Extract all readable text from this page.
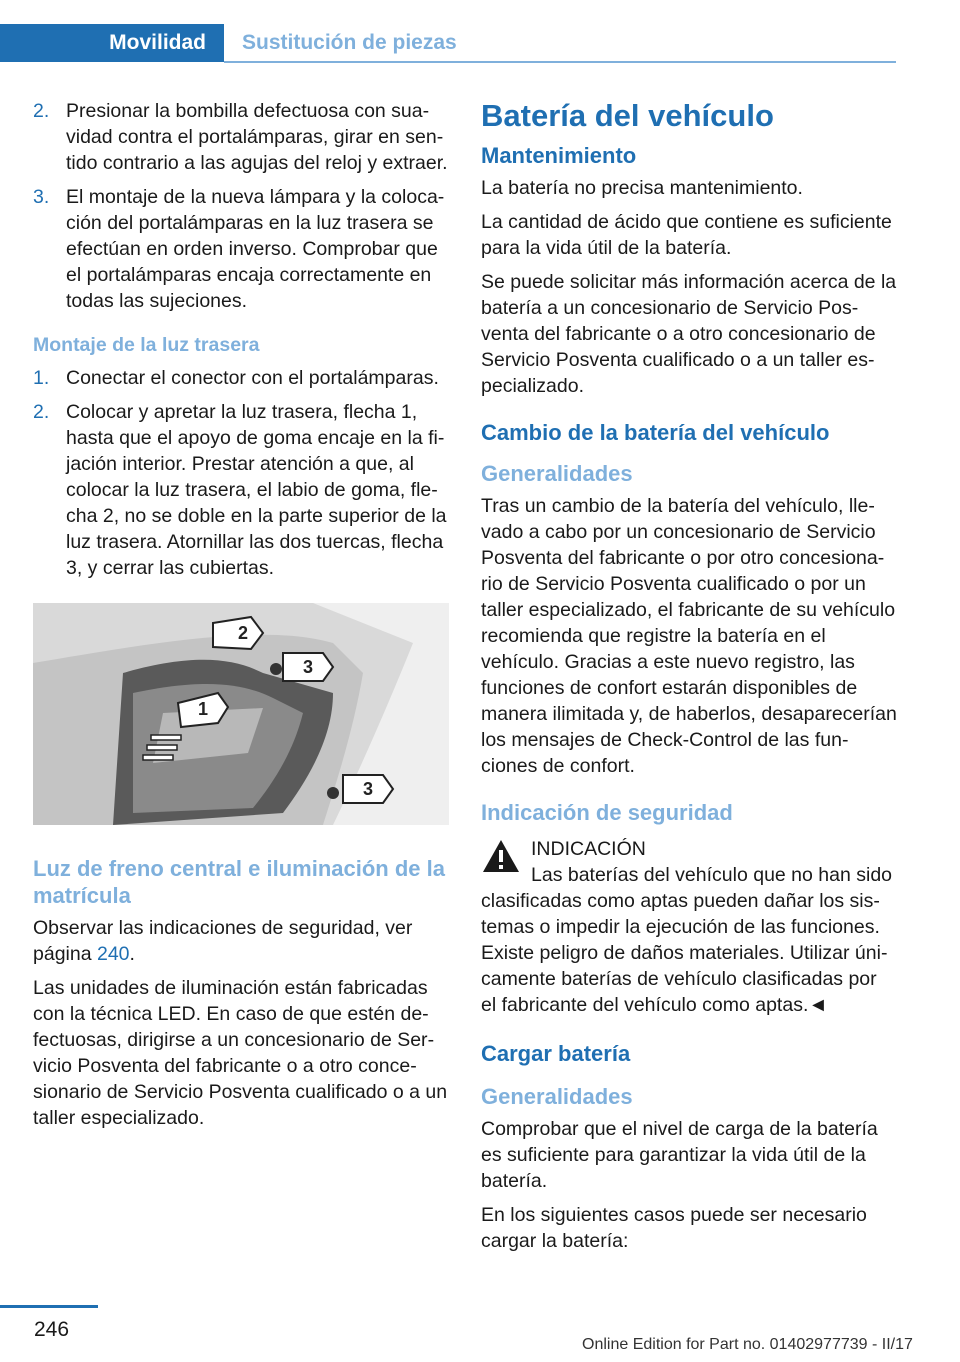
Movilidad	Sustitución de piezas
2. Presionar la bombilla defectuosa con suavidad contra el portalámparas, girar en sentido contrario a las agujas del reloj y extraer.
3. El montaje de la nueva lámpara y la colocación del portalámparas en la luz trasera se efectúan en orden inverso. Comprobar que el portalámparas encaja correctamente en todas las sujeciones.
Montaje de la luz trasera
1. Conectar el conector con el portalámparas.
2. Colocar y apretar la luz trasera, flecha 1, hasta que el apoyo de goma encaje en la fijación interior. Prestar atención a que, al colocar la luz trasera, el labio de goma, flecha 2, no se doble en la parte superior de la luz trasera. Atornillar las dos tuercas, flecha 3, y cerrar las cubiertas.
2
3
1
3
Luz de freno central e iluminación de la matrícula

Observar las indicaciones de seguridad, ver página 240.

Las unidades de iluminación están fabricadas con la técnica LED. En caso de que estén defectuosas, dirigirse a un concesionario de Servicio Posventa del fabricante o a otro concesionario de Servicio Posventa cualificado o a un taller especializado.

Batería del vehículo
Mantenimiento

La batería no precisa mantenimiento.

La cantidad de ácido que contiene es suficiente para la vida útil de la batería.

Se puede solicitar más información acerca de la batería a un concesionario de Servicio Posventa del fabricante o a otro concesionario de Servicio Posventa cualificado o a un taller especializado.

Cambio de la batería del vehículo
Generalidades

Tras un cambio de la batería del vehículo, llevado a cabo por un concesionario de Servicio Posventa del fabricante o por otro concesionario de Servicio Posventa cualificado o por un taller especializado, el fabricante de su vehículo recomienda que registre la batería en el vehículo. Gracias a este nuevo registro, las funciones de confort estarán disponibles de manera ilimitada y, de haberlos, desaparecerían los mensajes de Check-Control de las funciones de confort.

Indicación de seguridad

INDICACIÓN

Las baterías del vehículo que no han sido clasificadas como aptas pueden dañar los sistemas o impedir la ejecución de las funciones. Existe peligro de daños materiales. Utilizar únicamente baterías de vehículo clasificadas por el fabricante del vehículo como aptas.◄

Cargar batería
Generalidades

Comprobar que el nivel de carga de la batería es suficiente para garantizar la vida útil de la batería.

En los siguientes casos puede ser necesario cargar la batería:

246
Online Edition for Part no. 01402977739 - II/17
